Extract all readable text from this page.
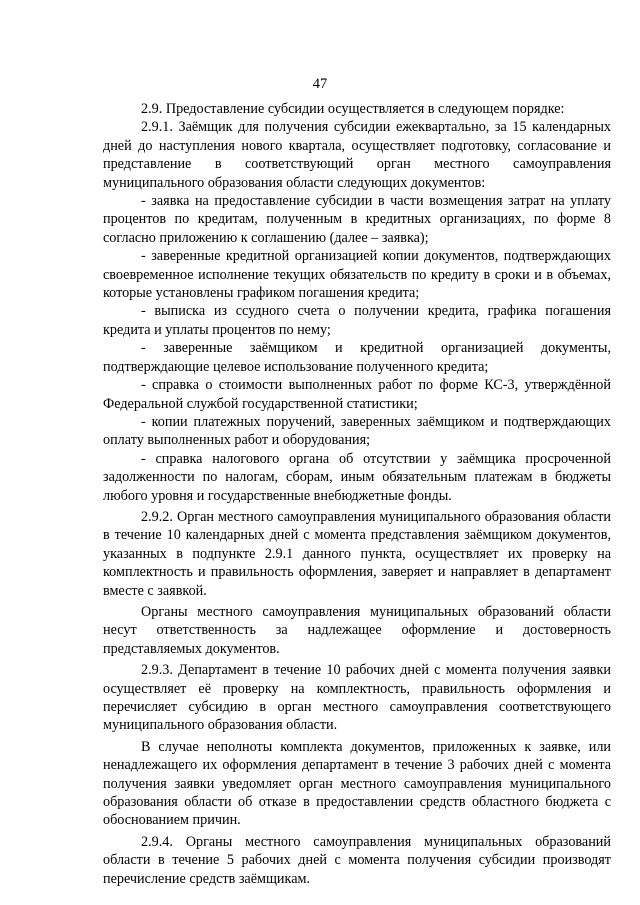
47

2.9. Предоставление субсидии осуществляется в следующем порядке:

2.9.1. Заёмщик для получения субсидии ежеквартально, за 15 календарных дней до наступления нового квартала, осуществляет подготовку, согласование и представление в соответствующий орган местного самоуправления муниципального образования области следующих документов:

- заявка на предоставление субсидии в части возмещения затрат на уплату процентов по кредитам, полученным в кредитных организациях, по форме 8 согласно приложению к соглашению (далее – заявка);

- заверенные кредитной организацией копии документов, подтверждающих своевременное исполнение текущих обязательств по кредиту в сроки и в объемах, которые установлены графиком погашения кредита;

- выписка из ссудного счета о получении кредита, графика погашения кредита и уплаты процентов по нему;

- заверенные заёмщиком и кредитной организацией документы, подтверждающие целевое использование полученного кредита;

- справка о стоимости выполненных работ по форме КС-3, утверждённой Федеральной службой государственной статистики;

- копии платежных поручений, заверенных заёмщиком и подтверждающих оплату выполненных работ и оборудования;

- справка налогового органа об отсутствии у заёмщика просроченной задолженности по налогам, сборам, иным обязательным платежам в бюджеты любого уровня и государственные внебюджетные фонды.

2.9.2. Орган местного самоуправления муниципального образования области в течение 10 календарных дней с момента представления заёмщиком документов, указанных в подпункте 2.9.1 данного пункта, осуществляет их проверку на комплектность и правильность оформления, заверяет и направляет в департамент вместе с заявкой.

Органы местного самоуправления муниципальных образований области несут ответственность за надлежащее оформление и достоверность представляемых документов.

2.9.3. Департамент в течение 10 рабочих дней с момента получения заявки осуществляет её проверку на комплектность, правильность оформления и перечисляет субсидию в орган местного самоуправления соответствующего муниципального образования области.

В случае неполноты комплекта документов, приложенных к заявке, или ненадлежащего их оформления департамент в течение 3 рабочих дней с момента получения заявки уведомляет орган местного самоуправления муниципального образования области об отказе в предоставлении средств областного бюджета с обоснованием причин.

2.9.4. Органы местного самоуправления муниципальных образований области в течение 5 рабочих дней с момента получения субсидии производят перечисление средств заёмщикам.
